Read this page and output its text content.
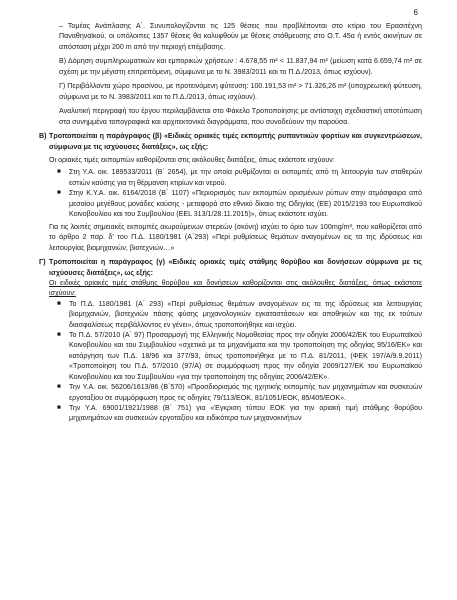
6

– Τομέας Ανάπλασης Α΄. Συνυπολογίζονται τις 125 θέσεις που προβλέπονται στο κτίριο του Ερασιτέχνη Παναθηναϊκού, οι υπόλοιπες 1357 θέσεις θα καλυφθούν με θέσεις στάθμευσης στο Ο.Τ. 45α ή εντός ακινήτων σε απόσταση μέχρι 200 m από την περιοχή επέμβασης.

Β) Δόμηση συμπληρωματικών και εμπορικών χρήσεων : 4.678,55 m² < 11.837,94 m² (μείωση κατά 6.659,74 m² σε σχέση με την μέγιστη επιτρεπόμενη, σύμφωνα με το Ν. 3983/2011 και το Π.Δ./2013, όπως ισχύουν).

Γ) Περιβάλλοντα χώρο πρασίνου, με προτεινόμενη φύτευση: 100.191,53 m² > 71.326,26 m² (υποχρεωτική φύτευση, σύμφωνα με το Ν. 3983/2011 και το Π.Δ./2013, όπως ισχύουν).

Αναλυτική περιγραφή του έργου περιλαμβάνεται στο Φάκελο Τροποποίησης με αντίστοιχη σχεδιαστική αποτύπωση στα συνημμένα τοπογραφικά και αρχιτεκτονικά διαγράμματα, που συνοδεύουν την παρούσα.

Β) Τροποποιείται η παράγραφος (β) «Ειδικές οριακές τιμές εκπομπής ρυπαντικών φορτίων και συγκεντρώσεων, σύμφωνα με τις ισχύουσες διατάξεις», ως εξής:

Οι οριακές τιμές εκπομπών καθορίζονται στις ακόλουθες διατάξεις, όπως εκάστοτε ισχύουν:

■	Στη Υ.Α. οικ. 189533/2011 (Β΄ 2654), με την οποία ρυθμίζονται οι εκπομπές από τη λειτουργία των σταθερών εστιών καύσης για τη θέρμανση κτιρίων και νερού.
■	Στην Κ.Υ.Α. οικ. 6164/2018 (Β΄ 1107) «Περιορισμός των εκπομπών ορισμένων ρύπων στην ατμόσφαιρα από μεσαίου μεγέθους μονάδες καύσης - μεταφορά στο εθνικό δίκαιο της Οδηγίας (ΕΕ) 2015/2193 του Ευρωπαϊκού Κοινοβουλίου και του Συμβουλίου (EEL 313/1/28.11.2015)», όπως εκάστοτε ισχύει.

Για τις λοιπές σημειακές εκπομπές αιωρούμενων στερεών (σκόνη) ισχύει το όριο των 100mg/m³, που καθορίζεται από το άρθρο 2 παρ. δ' του Π.Δ. 1180/1981 (Α΄293) «Περί ρυθμίσεως θεμάτων αναγομένων εις τα της ιδρύσεως και λειτουργίας βιομηχανιών, βιοτεχνιών…»

Γ) Τροποποιείται η παράγραφος (γ) «Ειδικές οριακές τιμές στάθμης θορύβου και δονήσεων σύμφωνα με τις ισχύουσες διατάξεις», ως εξής:

Οι ειδικές οριακές τιμές στάθμης θορύβου και δονήσεων καθορίζονται στις ακόλουθες διατάξεις, όπως εκάστοτε ισχύουν:

■	Το Π.Δ. 1180/1981 (Α΄ 293) «Περί ρυθμίσεως θεμάτων αναγομένων εις τα της ιδρύσεως και λειτουργίας βιομηχανιών, βιοτεχνιών πάσης φύσης μηχανολογικών εγκαταστάσεων και αποθηκών και της εκ τούτων διασφαλίσεως περιβάλλοντος εν γένει», όπως τροποποιήθηκε και ισχύει.
■	Το Π.Δ. 57/2010 (Α΄ 97) Προσαρμογή της Ελληνικής Νομοθεσίας προς την οδηγία 2006/42/ΕΚ του Ευρωπαϊκού Κοινοβουλίου και του Συμβουλίου «σχετικά με τα μηχανήματα και την τροποποίηση της οδηγίας 95/16/ΕΚ» και κατάργηση των Π.Δ. 18/96 και 377/93, όπως τροποποιήθηκε με το Π.Δ. 81/2011, (ΦΕΚ 197/Α/9.9.2011) «Τροποποίηση του Π.Δ. 57/2010 (97/Α) σε συμμόρφωση προς την οδηγία 2009/127/ΕΚ του Ευρωπαϊκού Κοινοβουλίου και του Συμβουλίου «για την τροποποίηση της οδηγίας 2006/42/ΕΚ».
■	Την Υ.Α. οικ. 56206/1613/86 (Β΄570) «Προσδιορισμός της ηχητικής εκπομπής των μηχανημάτων και συσκευών εργοταξίου σε συμμόρφωση προς τις οδηγίες 79/113/ΕΟΚ, 81/1051/ΕΟΚ, 85/405/ΕΟΚ».
■	Την Υ.Α. 69001/1921/1988 (Β΄ 751) για «Έγκριση τύπου ΕΟΚ για την οριακή τιμή στάθμης θορύβου μηχανημάτων και συσκευών εργοταξίου και ειδικότερα των μηχανοκινήτων
